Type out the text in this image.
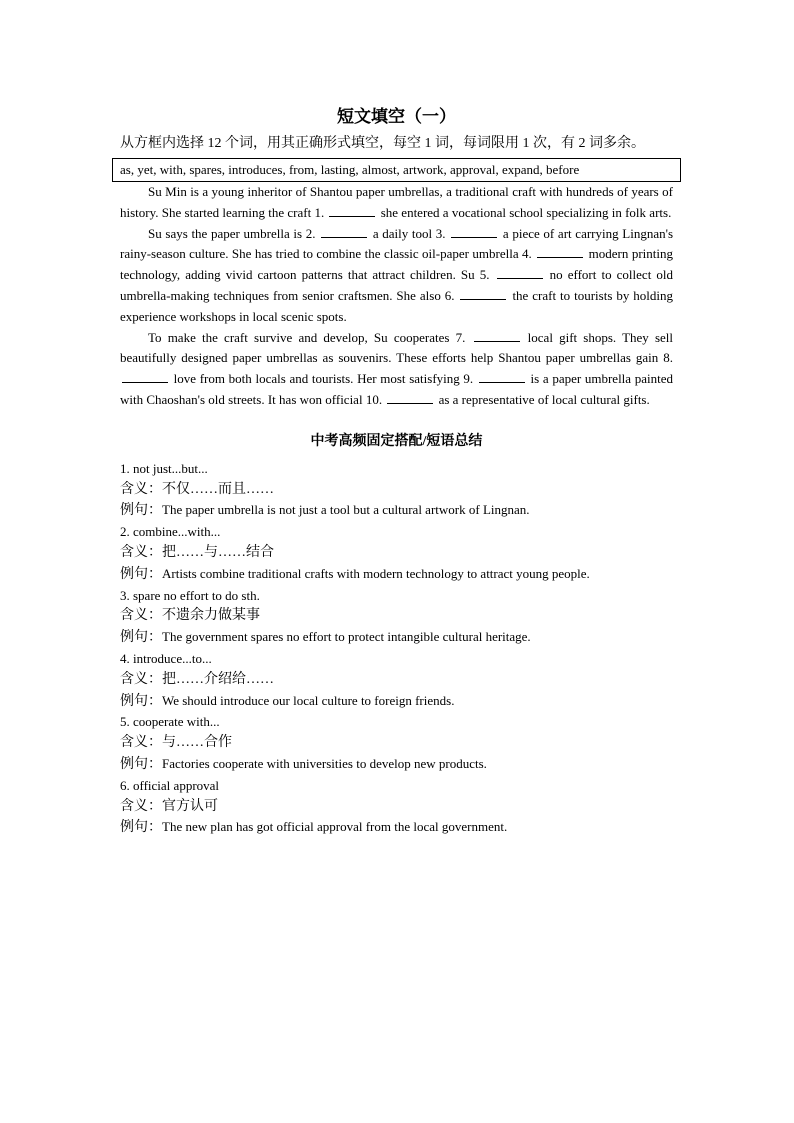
短文填空（一）

从方框内选择 12 个词，用其正确形式填空，每空 1 词，每词限用 1 次，有 2 词多余。

as, yet, with, spares, introduces, from, lasting, almost, artwork, approval, expand, before

Su Min is a young inheritor of Shantou paper umbrellas, a traditional craft with hundreds of years of history. She started learning the craft 1.	she entered a vocational school specializing in folk arts.

Su says the paper umbrella is 2.	a daily tool 3.	a piece of art carrying Lingnan's rainy-season culture. She has tried to combine the classic oil-paper umbrella 4.	modern printing technology, adding vivid cartoon patterns that attract children. Su 5.	no effort to collect old umbrella-making techniques from senior craftsmen. She also 6.	the craft to tourists by holding experience workshops in local scenic spots.

To make the craft survive and develop, Su cooperates 7.	local gift shops. They sell beautifully designed paper umbrellas as souvenirs. These efforts help Shantou paper umbrellas gain 8.  love from both locals and tourists. Her most satisfying 9.	is a paper umbrella painted with Chaoshan's old streets. It has won official 10.	as a representative of local cultural gifts.

中考高频固定搭配/短语总结

1. not just...but...

含义：不仅……而且……

例句：The paper umbrella is not just a tool but a cultural artwork of Lingnan.

2. combine...with...

含义：把……与……结合

例句：Artists combine traditional crafts with modern technology to attract young people.

3. spare no effort to do sth.

含义：不遗余力做某事

例句：The government spares no effort to protect intangible cultural heritage.

4. introduce...to...

含义：把……介绍给……

例句：We should introduce our local culture to foreign friends.

5. cooperate with...

含义：与……合作

例句：Factories cooperate with universities to develop new products.

6. official approval

含义：官方认可

例句：The new plan has got official approval from the local government.
